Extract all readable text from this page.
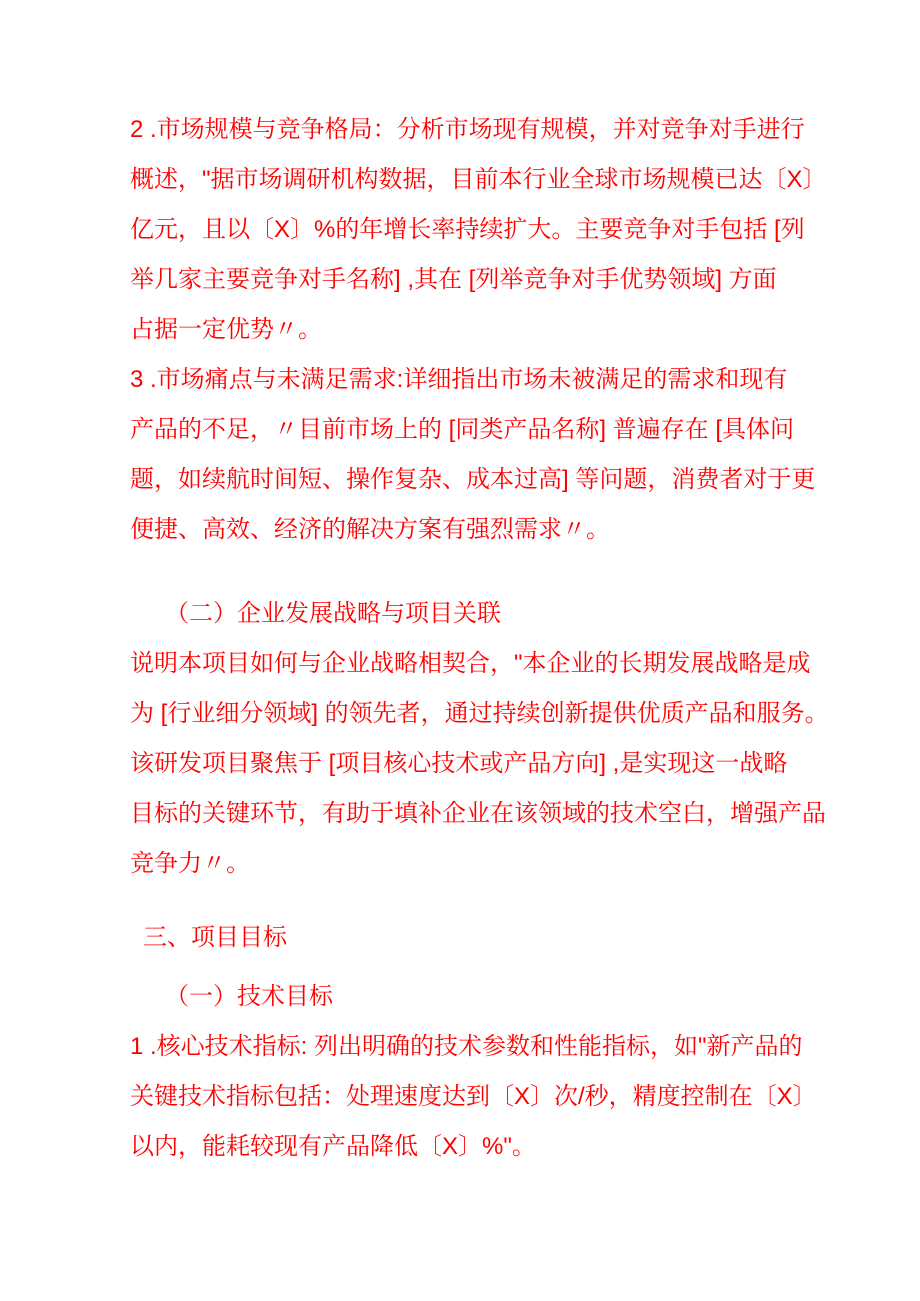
2 .市场规模与竞争格局：分析市场现有规模，并对竞争对手进行
概述，"据市场调研机构数据，目前本行业全球市场规模已达〔X〕
亿元，且以〔X〕%的年增长率持续扩大。主要竞争对手包括 [列
举几家主要竞争对手名称] ,其在 [列举竞争对手优势领域] 方面
占据一定优势〃。
3 .市场痛点与未满足需求:详细指出市场未被满足的需求和现有
产品的不足，〃目前市场上的 [同类产品名称] 普遍存在 [具体问
题，如续航时间短、操作复杂、成本过高] 等问题，消费者对于更
便捷、高效、经济的解决方案有强烈需求〃。
（二）企业发展战略与项目关联
说明本项目如何与企业战略相契合，"本企业的长期发展战略是成
为 [行业细分领域] 的领先者，通过持续创新提供优质产品和服务。
该研发项目聚焦于 [项目核心技术或产品方向] ,是实现这一战略
目标的关键环节，有助于填补企业在该领域的技术空白，增强产品
竞争力〃。
三、项目目标
（一）技术目标
1 .核心技术指标: 列出明确的技术参数和性能指标，如"新产品的
关键技术指标包括：处理速度达到〔X〕次/秒，精度控制在〔X〕
以内，能耗较现有产品降低〔X〕%"。
